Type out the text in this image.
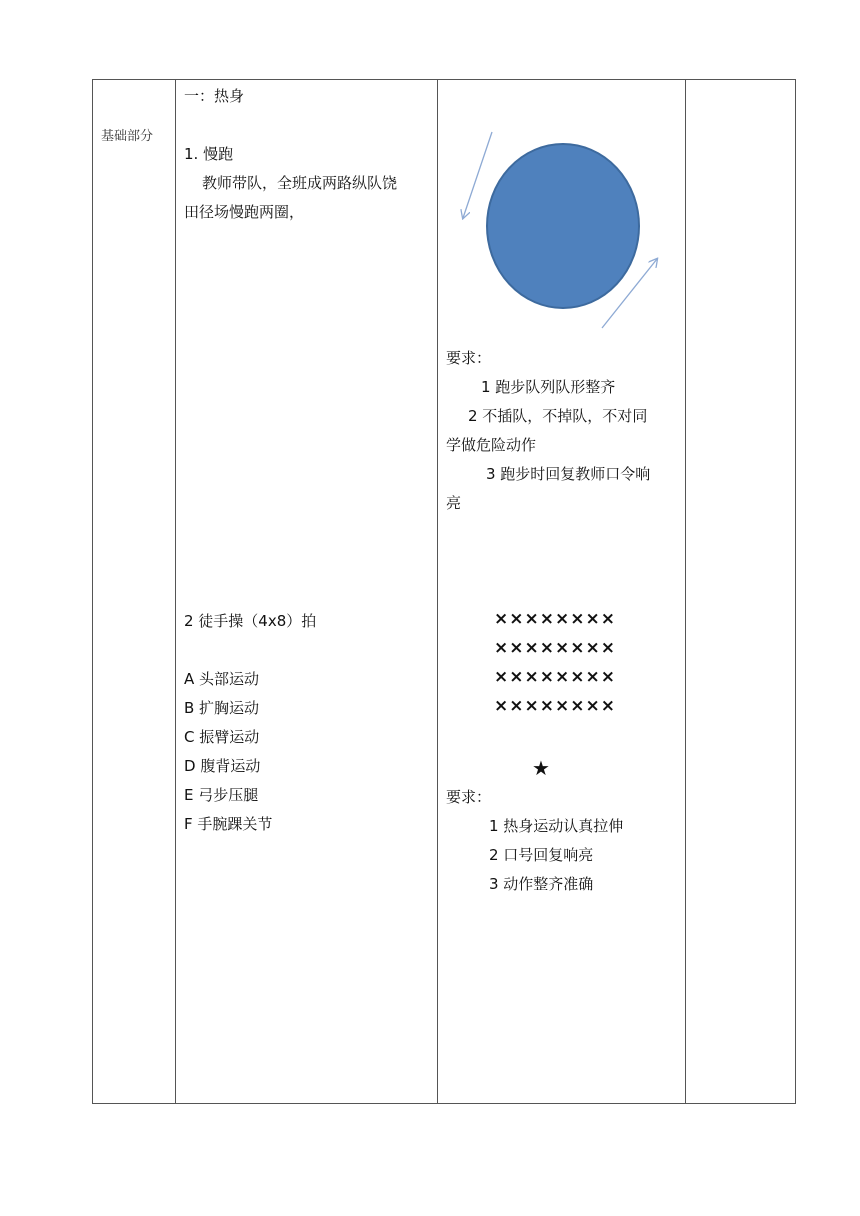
基础部分
一：热身
1. 慢跑
教师带队，全班成两路纵队饶
田径场慢跑两圈，
2 徒手操（4x8）拍
A 头部运动
B 扩胸运动
C 振臂运动
D 腹背运动
E 弓步压腿
F 手腕踝关节
要求：
1 跑步队列队形整齐
2 不插队，不掉队，不对同
学做危险动作
3 跑步时回复教师口令响
亮
××××××××
××××××××
××××××××
××××××××
★
要求：
1 热身运动认真拉伸
2 口号回复响亮
3 动作整齐准确
